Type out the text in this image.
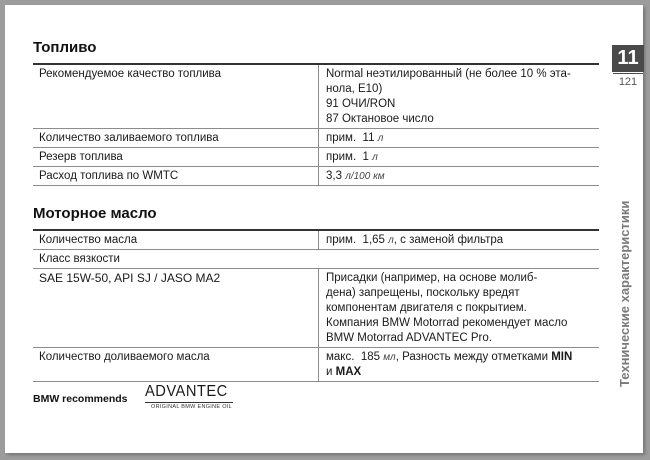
Топливо
Рекомендуемое качество топлива	Normal неэтилированный (не более 10 % эта-
нола, E10)
91 ОЧИ/RON
87 Октановое число

Количество заливаемого топлива	прим. 11 л
Резерв топлива	прим. 1 л
Расход топлива по WMTC	3,3 л/100 км
Моторное масло
Количество масла	прим. 1,65 л, с заменой фильтра
Класс вязкости	
SAE 15W-50, API SJ / JASO MA2	Присадки (например, на основе молиб-
дена) запрещены, поскольку вредят
компонентам двигателя с покрытием.
Компания BMW Motorrad рекомендует масло
BMW Motorrad ADVANTEC Pro.

Количество доливаемого масла	макс. 185 мл, Разность между отметками MIN
и MAX
BMW recommends ADVANTEC
ORIGINAL BMW ENGINE OIL
11
121
Технические характеристики
